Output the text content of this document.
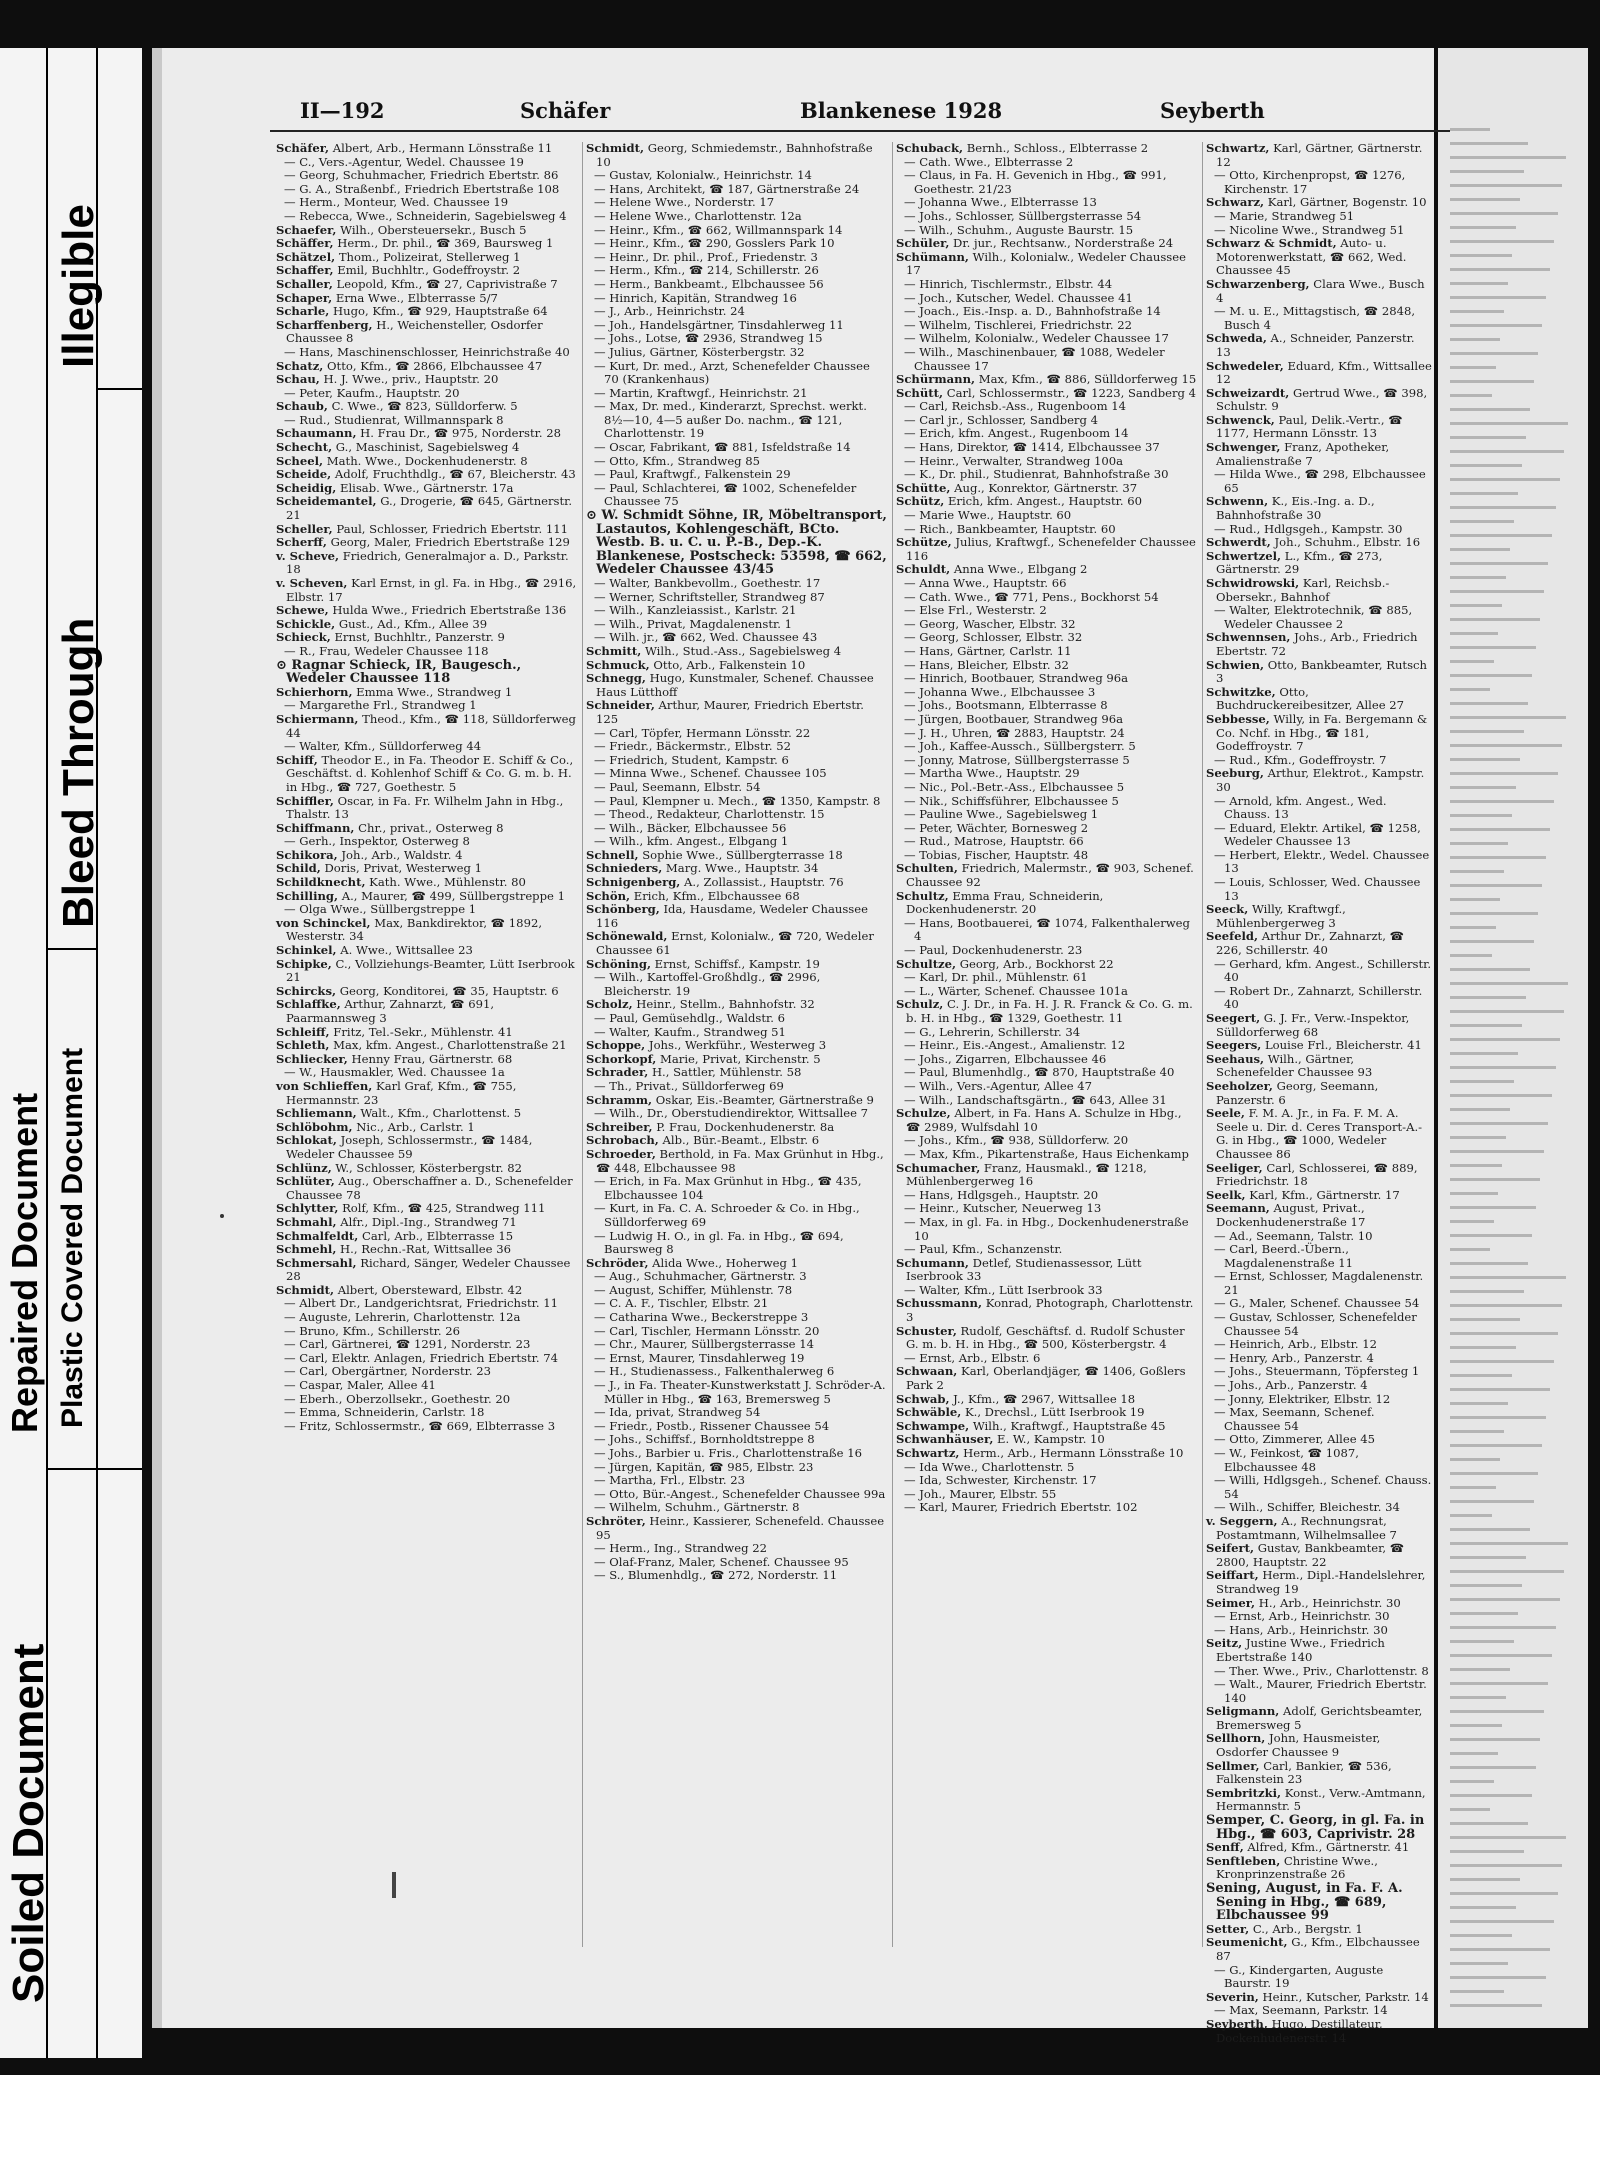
Soiled Document
Repaired Document Plastic Covered Document
Bleed Through
Illegible
II—192	Schäfer	Blankenese 1928	Seyberth

Schäfer, Albert, Arb., Hermann Lönsstraße 11

— C., Vers.-Agentur, Wedel. Chaussee 19

— Georg, Schuhmacher, Friedrich Ebertstr. 86

— G. A., Straßenbf., Friedrich Ebertstraße 108

— Herm., Monteur, Wed. Chaussee 19

— Rebecca, Wwe., Schneiderin, Sagebielsweg 4

Schaefer, Wilh., Obersteuersekr., Busch 5

Schäffer, Herm., Dr. phil., ☎ 369, Baursweg 1

Schätzel, Thom., Polizeirat, Stellerweg 1

Schaffer, Emil, Buchhltr., Godeffroystr. 2

Schaller, Leopold, Kfm., ☎ 27, Caprivistraße 7

Schaper, Erna Wwe., Elbterrasse 5/7

Scharle, Hugo, Kfm., ☎ 929, Hauptstraße 64

Scharffenberg, H., Weichensteller, Osdorfer Chaussee 8

— Hans, Maschinenschlosser, Heinrichstraße 40

Schatz, Otto, Kfm., ☎ 2866, Elbchaussee 47

Schau, H. J. Wwe., priv., Hauptstr. 20

— Peter, Kaufm., Hauptstr. 20

Schaub, C. Wwe., ☎ 823, Sülldorferw. 5

— Rud., Studienrat, Willmannspark 8

Schaumann, H. Frau Dr., ☎ 975, Norderstr. 28

Schecht, G., Maschinist, Sagebielsweg 4

Scheel, Math. Wwe., Dockenhudenerstr. 8

Scheide, Adolf, Fruchthdlg., ☎ 67, Bleicherstr. 43

Scheidig, Elisab. Wwe., Gärtnerstr. 17a

Scheidemantel, G., Drogerie, ☎ 645, Gärtnerstr. 21

Scheller, Paul, Schlosser, Friedrich Ebertstr. 111

Scherff, Georg, Maler, Friedrich Ebertstraße 129

v. Scheve, Friedrich, Generalmajor a. D., Parkstr. 18

v. Scheven, Karl Ernst, in gl. Fa. in Hbg., ☎ 2916, Elbstr. 17

Schewe, Hulda Wwe., Friedrich Ebertstraße 136

Schickle, Gust., Ad., Kfm., Allee 39

Schieck, Ernst, Buchhltr., Panzerstr. 9

— R., Frau, Wedeler Chaussee 118

⊙ Ragnar Schieck, IR, Baugesch., Wedeler Chaussee 118

Schierhorn, Emma Wwe., Strandweg 1

— Margarethe Frl., Strandweg 1

Schiermann, Theod., Kfm., ☎ 118, Sülldorferweg 44

— Walter, Kfm., Sülldorferweg 44

Schiff, Theodor E., in Fa. Theodor E. Schiff & Co., Geschäftst. d. Kohlenhof Schiff & Co. G. m. b. H. in Hbg., ☎ 727, Goethestr. 5

Schiffler, Oscar, in Fa. Fr. Wilhelm Jahn in Hbg., Thalstr. 13

Schiffmann, Chr., privat., Osterweg 8

— Gerh., Inspektor, Osterweg 8

Schikora, Joh., Arb., Waldstr. 4

Schild, Doris, Privat, Westerweg 1

Schildknecht, Kath. Wwe., Mühlenstr. 80

Schilling, A., Maurer, ☎ 499, Süllbergstreppe 1

— Olga Wwe., Süllbergstreppe 1

von Schinckel, Max, Bankdirektor, ☎ 1892, Westerstr. 34

Schinkel, A. Wwe., Wittsallee 23

Schipke, C., Vollziehungs-Beamter, Lütt Iserbrook 21

Schircks, Georg, Konditorei, ☎ 35, Hauptstr. 6

Schlaffke, Arthur, Zahnarzt, ☎ 691, Paarmannsweg 3

Schleiff, Fritz, Tel.-Sekr., Mühlenstr. 41

Schleth, Max, kfm. Angest., Charlottenstraße 21

Schliecker, Henny Frau, Gärtnerstr. 68

— W., Hausmakler, Wed. Chaussee 1a

von Schlieffen, Karl Graf, Kfm., ☎ 755, Hermannstr. 23

Schliemann, Walt., Kfm., Charlottenst. 5

Schlöbohm, Nic., Arb., Carlstr. 1

Schlokat, Joseph, Schlossermstr., ☎ 1484, Wedeler Chaussee 59

Schlünz, W., Schlosser, Kösterbergstr. 82

Schlüter, Aug., Oberschaffner a. D., Schenefelder Chaussee 78

Schlytter, Rolf, Kfm., ☎ 425, Strandweg 111

Schmahl, Alfr., Dipl.-Ing., Strandweg 71

Schmalfeldt, Carl, Arb., Elbterrasse 15

Schmehl, H., Rechn.-Rat, Wittsallee 36

Schmersahl, Richard, Sänger, Wedeler Chaussee 28

Schmidt, Albert, Obersteward, Elbstr. 42

— Albert Dr., Landgerichtsrat, Friedrichstr. 11

— Auguste, Lehrerin, Charlottenstr. 12a

— Bruno, Kfm., Schillerstr. 26

— Carl, Gärtnerei, ☎ 1291, Norderstr. 23

— Carl, Elektr. Anlagen, Friedrich Ebertstr. 74

— Carl, Obergärtner, Norderstr. 23

— Caspar, Maler, Allee 41

— Eberh., Oberzollsekr., Goethestr. 20

— Emma, Schneiderin, Carlstr. 18

— Fritz, Schlossermstr., ☎ 669, Elbterrasse 3

Schmidt, Georg, Schmiedemstr., Bahnhofstraße 10

— Gustav, Kolonialw., Heinrichstr. 14

— Hans, Architekt, ☎ 187, Gärtnerstraße 24

— Helene Wwe., Norderstr. 17

— Helene Wwe., Charlottenstr. 12a

— Heinr., Kfm., ☎ 662, Willmannspark 14

— Heinr., Kfm., ☎ 290, Gosslers Park 10

— Heinr., Dr. phil., Prof., Friedenstr. 3

— Herm., Kfm., ☎ 214, Schillerstr. 26

— Herm., Bankbeamt., Elbchaussee 56

— Hinrich, Kapitän, Strandweg 16

— J., Arb., Heinrichstr. 24

— Joh., Handelsgärtner, Tinsdahlerweg 11

— Johs., Lotse, ☎ 2936, Strandweg 15

— Julius, Gärtner, Kösterbergstr. 32

— Kurt, Dr. med., Arzt, Schenefelder Chaussee 70 (Krankenhaus)

— Martin, Kraftwgf., Heinrichstr. 21

— Max, Dr. med., Kinderarzt, Sprechst. werkt. 8½—10, 4—5 außer Do. nachm., ☎ 121, Charlottenstr. 19

— Oscar, Fabrikant, ☎ 881, Isfeldstraße 14

— Otto, Kfm., Strandweg 85

— Paul, Kraftwgf., Falkenstein 29

— Paul, Schlachterei, ☎ 1002, Schenefelder Chaussee 75

⊙ W. Schmidt Söhne, IR, Möbeltransport, Lastautos, Kohlengeschäft, BCto. Westb. B. u. C. u. P.-B., Dep.-K. Blankenese, Postscheck: 53598, ☎ 662, Wedeler Chaussee 43/45

— Walter, Bankbevollm., Goethestr. 17

— Werner, Schriftsteller, Strandweg 87

— Wilh., Kanzleiassist., Karlstr. 21

— Wilh., Privat, Magdalenenstr. 1

— Wilh. jr., ☎ 662, Wed. Chaussee 43

Schmitt, Wilh., Stud.-Ass., Sagebielsweg 4

Schmuck, Otto, Arb., Falkenstein 10

Schnegg, Hugo, Kunstmaler, Schenef. Chaussee Haus Lütthoff

Schneider, Arthur, Maurer, Friedrich Ebertstr. 125

— Carl, Töpfer, Hermann Lönsstr. 22

— Friedr., Bäckermstr., Elbstr. 52

— Friedrich, Student, Kampstr. 6

— Minna Wwe., Schenef. Chaussee 105

— Paul, Seemann, Elbstr. 54

— Paul, Klempner u. Mech., ☎ 1350, Kampstr. 8

— Theod., Redakteur, Charlottenstr. 15

— Wilh., Bäcker, Elbchaussee 56

— Wilh., kfm. Angest., Elbgang 1

Schnell, Sophie Wwe., Süllbergterrasse 18

Schnieders, Marg. Wwe., Hauptstr. 34

Schnigenberg, A., Zollassist., Hauptstr. 76

Schön, Erich, Kfm., Elbchaussee 68

Schönberg, Ida, Hausdame, Wedeler Chaussee 116

Schönewald, Ernst, Kolonialw., ☎ 720, Wedeler Chaussee 61

Schöning, Ernst, Schiffsf., Kampstr. 19

— Wilh., Kartoffel-Großhdlg., ☎ 2996, Bleicherstr. 19

Scholz, Heinr., Stellm., Bahnhofstr. 32

— Paul, Gemüsehdlg., Waldstr. 6

— Walter, Kaufm., Strandweg 51

Schoppe, Johs., Werkführ., Westerweg 3

Schorkopf, Marie, Privat, Kirchenstr. 5

Schrader, H., Sattler, Mühlenstr. 58

— Th., Privat., Sülldorferweg 69

Schramm, Oskar, Eis.-Beamter, Gärtnerstraße 9

— Wilh., Dr., Oberstudiendirektor, Wittsallee 7

Schreiber, P. Frau, Dockenhudenerstr. 8a

Schrobach, Alb., Bür.-Beamt., Elbstr. 6

Schroeder, Berthold, in Fa. Max Grünhut in Hbg., ☎ 448, Elbchaussee 98

— Erich, in Fa. Max Grünhut in Hbg., ☎ 435, Elbchaussee 104

— Kurt, in Fa. C. A. Schroeder & Co. in Hbg., Sülldorferweg 69

— Ludwig H. O., in gl. Fa. in Hbg., ☎ 694, Baursweg 8

Schröder, Alida Wwe., Hoherweg 1

— Aug., Schuhmacher, Gärtnerstr. 3

— August, Schiffer, Mühlenstr. 78

— C. A. F., Tischler, Elbstr. 21

— Catharina Wwe., Beckerstreppe 3

— Carl, Tischler, Hermann Lönsstr. 20

— Chr., Maurer, Süllbergsterrasse 14

— Ernst, Maurer, Tinsdahlerweg 19

— H., Studienassess., Falkenthalerweg 6

— J., in Fa. Theater-Kunstwerkstatt J. Schröder-A. Müller in Hbg., ☎ 163, Bremersweg 5

— Ida, privat, Strandweg 54

— Friedr., Postb., Rissener Chaussee 54

— Johs., Schiffsf., Bornholdtstreppe 8

— Johs., Barbier u. Fris., Charlottenstraße 16

— Jürgen, Kapitän, ☎ 985, Elbstr. 23

— Martha, Frl., Elbstr. 23

— Otto, Bür.-Angest., Schenefelder Chaussee 99a

— Wilhelm, Schuhm., Gärtnerstr. 8

Schröter, Heinr., Kassierer, Schenefeld. Chaussee 95

— Herm., Ing., Strandweg 22

— Olaf-Franz, Maler, Schenef. Chaussee 95

— S., Blumenhdlg., ☎ 272, Norderstr. 11

Schuback, Bernh., Schloss., Elbterrasse 2

— Cath. Wwe., Elbterrasse 2

— Claus, in Fa. H. Gevenich in Hbg., ☎ 991, Goethestr. 21/23

— Johanna Wwe., Elbterrasse 13

— Johs., Schlosser, Süllbergsterrasse 54

— Wilh., Schuhm., Auguste Baurstr. 15

Schüler, Dr. jur., Rechtsanw., Norderstraße 24

Schümann, Wilh., Kolonialw., Wedeler Chaussee 17

— Hinrich, Tischlermstr., Elbstr. 44

— Joch., Kutscher, Wedel. Chaussee 41

— Joach., Eis.-Insp. a. D., Bahnhofstraße 14

— Wilhelm, Tischlerei, Friedrichstr. 22

— Wilhelm, Kolonialw., Wedeler Chaussee 17

— Wilh., Maschinenbauer, ☎ 1088, Wedeler Chaussee 17

Schürmann, Max, Kfm., ☎ 886, Sülldorferweg 15

Schütt, Carl, Schlossermstr., ☎ 1223, Sandberg 4

— Carl, Reichsb.-Ass., Rugenboom 14

— Carl jr., Schlosser, Sandberg 4

— Erich, kfm. Angest., Rugenboom 14

— Hans, Direktor, ☎ 1414, Elbchaussee 37

— Heinr., Verwalter, Strandweg 100a

— K., Dr. phil., Studienrat, Bahnhofstraße 30

Schütte, Aug., Konrektor, Gärtnerstr. 37

Schütz, Erich, kfm. Angest., Hauptstr. 60

— Marie Wwe., Hauptstr. 60

— Rich., Bankbeamter, Hauptstr. 60

Schütze, Julius, Kraftwgf., Schenefelder Chaussee 116

Schuldt, Anna Wwe., Elbgang 2

— Anna Wwe., Hauptstr. 66

— Cath. Wwe., ☎ 771, Pens., Bockhorst 54

— Else Frl., Westerstr. 2

— Georg, Wascher, Elbstr. 32

— Georg, Schlosser, Elbstr. 32

— Hans, Gärtner, Carlstr. 11

— Hans, Bleicher, Elbstr. 32

— Hinrich, Bootbauer, Strandweg 96a

— Johanna Wwe., Elbchaussee 3

— Johs., Bootsmann, Elbterrasse 8

— Jürgen, Bootbauer, Strandweg 96a

— J. H., Uhren, ☎ 2883, Hauptstr. 24

— Joh., Kaffee-Aussch., Süllbergsterr. 5

— Jonny, Matrose, Süllbergsterrasse 5

— Martha Wwe., Hauptstr. 29

— Nic., Pol.-Betr.-Ass., Elbchaussee 5

— Nik., Schiffsführer, Elbchaussee 5

— Pauline Wwe., Sagebielsweg 1

— Peter, Wächter, Bornesweg 2

— Rud., Matrose, Hauptstr. 66

— Tobias, Fischer, Hauptstr. 48

Schulten, Friedrich, Malermstr., ☎ 903, Schenef. Chaussee 92

Schultz, Emma Frau, Schneiderin, Dockenhudenerstr. 20

— Hans, Bootbauerei, ☎ 1074, Falkenthalerweg 4

— Paul, Dockenhudenerstr. 23

Schultze, Georg, Arb., Bockhorst 22

— Karl, Dr. phil., Mühlenstr. 61

— L., Wärter, Schenef. Chaussee 101a

Schulz, C. J. Dr., in Fa. H. J. R. Franck & Co. G. m. b. H. in Hbg., ☎ 1329, Goethestr. 11

— G., Lehrerin, Schillerstr. 34

— Heinr., Eis.-Angest., Amalienstr. 12

— Johs., Zigarren, Elbchaussee 46

— Paul, Blumenhdlg., ☎ 870, Hauptstraße 40

— Wilh., Vers.-Agentur, Allee 47

— Wilh., Landschaftsgärtn., ☎ 643, Allee 31

Schulze, Albert, in Fa. Hans A. Schulze in Hbg., ☎ 2989, Wulfsdahl 10

— Johs., Kfm., ☎ 938, Sülldorferw. 20

— Max, Kfm., Pikartenstraße, Haus Eichenkamp

Schumacher, Franz, Hausmakl., ☎ 1218, Mühlenbergerweg 16

— Hans, Hdlgsgeh., Hauptstr. 20

— Heinr., Kutscher, Neuerweg 13

— Max, in gl. Fa. in Hbg., Dockenhudenerstraße 10

— Paul, Kfm., Schanzenstr.

Schumann, Detlef, Studienassessor, Lütt Iserbrook 33

— Walter, Kfm., Lütt Iserbrook 33

Schussmann, Konrad, Photograph, Charlottenstr. 3

Schuster, Rudolf, Geschäftsf. d. Rudolf Schuster G. m. b. H. in Hbg., ☎ 500, Kösterbergstr. 4

— Ernst, Arb., Elbstr. 6

Schwaan, Karl, Oberlandjäger, ☎ 1406, Goßlers Park 2

Schwab, J., Kfm., ☎ 2967, Wittsallee 18

Schwäble, K., Drechsl., Lütt Iserbrook 19

Schwampe, Wilh., Kraftwgf., Hauptstraße 45

Schwanhäuser, E. W., Kampstr. 10

Schwartz, Herm., Arb., Hermann Lönsstraße 10

— Ida Wwe., Charlottenstr. 5

— Ida, Schwester, Kirchenstr. 17

— Joh., Maurer, Elbstr. 55

— Karl, Maurer, Friedrich Ebertstr. 102

Schwartz, Karl, Gärtner, Gärtnerstr. 12

— Otto, Kirchenpropst, ☎ 1276, Kirchenstr. 17

Schwarz, Karl, Gärtner, Bogenstr. 10

— Marie, Strandweg 51

— Nicoline Wwe., Strandweg 51

Schwarz & Schmidt, Auto- u. Motorenwerkstatt, ☎ 662, Wed. Chaussee 45

Schwarzenberg, Clara Wwe., Busch 4

— M. u. E., Mittagstisch, ☎ 2848, Busch 4

Schweda, A., Schneider, Panzerstr. 13

Schwedeler, Eduard, Kfm., Wittsallee 12

Schweizardt, Gertrud Wwe., ☎ 398, Schulstr. 9

Schwenck, Paul, Delik.-Vertr., ☎ 1177, Hermann Lönsstr. 13

Schwenger, Franz, Apotheker, Amalienstraße 7

— Hilda Wwe., ☎ 298, Elbchaussee 65

Schwenn, K., Eis.-Ing. a. D., Bahnhofstraße 30

— Rud., Hdlgsgeh., Kampstr. 30

Schwerdt, Joh., Schuhm., Elbstr. 16

Schwertzel, L., Kfm., ☎ 273, Gärtnerstr. 29

Schwidrowski, Karl, Reichsb.-Obersekr., Bahnhof

— Walter, Elektrotechnik, ☎ 885, Wedeler Chaussee 2

Schwennsen, Johs., Arb., Friedrich Ebertstr. 72

Schwien, Otto, Bankbeamter, Rutsch 3

Schwitzke, Otto, Buchdruckereibesitzer, Allee 27

Sebbesse, Willy, in Fa. Bergemann & Co. Nchf. in Hbg., ☎ 181, Godeffroystr. 7

— Rud., Kfm., Godeffroystr. 7

Seeburg, Arthur, Elektrot., Kampstr. 30

— Arnold, kfm. Angest., Wed. Chauss. 13

— Eduard, Elektr. Artikel, ☎ 1258, Wedeler Chaussee 13

— Herbert, Elektr., Wedel. Chaussee 13

— Louis, Schlosser, Wed. Chaussee 13

Seeck, Willy, Kraftwgf., Mühlenbergerweg 3

Seefeld, Arthur Dr., Zahnarzt, ☎ 226, Schillerstr. 40

— Gerhard, kfm. Angest., Schillerstr. 40

— Robert Dr., Zahnarzt, Schillerstr. 40

Seegert, G. J. Fr., Verw.-Inspektor, Sülldorferweg 68

Seegers, Louise Frl., Bleicherstr. 41

Seehaus, Wilh., Gärtner, Schenefelder Chaussee 93

Seeholzer, Georg, Seemann, Panzerstr. 6

Seele, F. M. A. Jr., in Fa. F. M. A. Seele u. Dir. d. Ceres Transport-A.-G. in Hbg., ☎ 1000, Wedeler Chaussee 86

Seeliger, Carl, Schlosserei, ☎ 889, Friedrichstr. 18

Seelk, Karl, Kfm., Gärtnerstr. 17

Seemann, August, Privat., Dockenhudenerstraße 17

— Ad., Seemann, Talstr. 10

— Carl, Beerd.-Übern., Magdalenenstraße 11

— Ernst, Schlosser, Magdalenenstr. 21

— G., Maler, Schenef. Chaussee 54

— Gustav, Schlosser, Schenefelder Chaussee 54

— Heinrich, Arb., Elbstr. 12

— Henry, Arb., Panzerstr. 4

— Johs., Steuermann, Töpfersteg 1

— Johs., Arb., Panzerstr. 4

— Jonny, Elektriker, Elbstr. 12

— Max, Seemann, Schenef. Chaussee 54

— Otto, Zimmerer, Allee 45

— W., Feinkost, ☎ 1087, Elbchaussee 48

— Willi, Hdlgsgeh., Schenef. Chauss. 54

— Wilh., Schiffer, Bleichestr. 34

v. Seggern, A., Rechnungsrat, Postamtmann, Wilhelmsallee 7

Seifert, Gustav, Bankbeamter, ☎ 2800, Hauptstr. 22

Seiffart, Herm., Dipl.-Handelslehrer, Strandweg 19

Seimer, H., Arb., Heinrichstr. 30

— Ernst, Arb., Heinrichstr. 30

— Hans, Arb., Heinrichstr. 30

Seitz, Justine Wwe., Friedrich Ebertstraße 140

— Ther. Wwe., Priv., Charlottenstr. 8

— Walt., Maurer, Friedrich Ebertstr. 140

Seligmann, Adolf, Gerichtsbeamter, Bremersweg 5

Sellhorn, John, Hausmeister, Osdorfer Chaussee 9

Sellmer, Carl, Bankier, ☎ 536, Falkenstein 23

Sembritzki, Konst., Verw.-Amtmann, Hermannstr. 5

Semper, C. Georg, in gl. Fa. in Hbg., ☎ 603, Caprivistr. 28

Senff, Alfred, Kfm., Gärtnerstr. 41

Senftleben, Christine Wwe., Kronprinzenstraße 26

Sening, August, in Fa. F. A. Sening in Hbg., ☎ 689, Elbchaussee 99

Setter, C., Arb., Bergstr. 1

Seumenicht, G., Kfm., Elbchaussee 87

— G., Kindergarten, Auguste Baurstr. 19

Severin, Heinr., Kutscher, Parkstr. 14

— Max, Seemann, Parkstr. 14

Seyberth, Hugo, Destillateur, Dockenhudenerstr. 14
